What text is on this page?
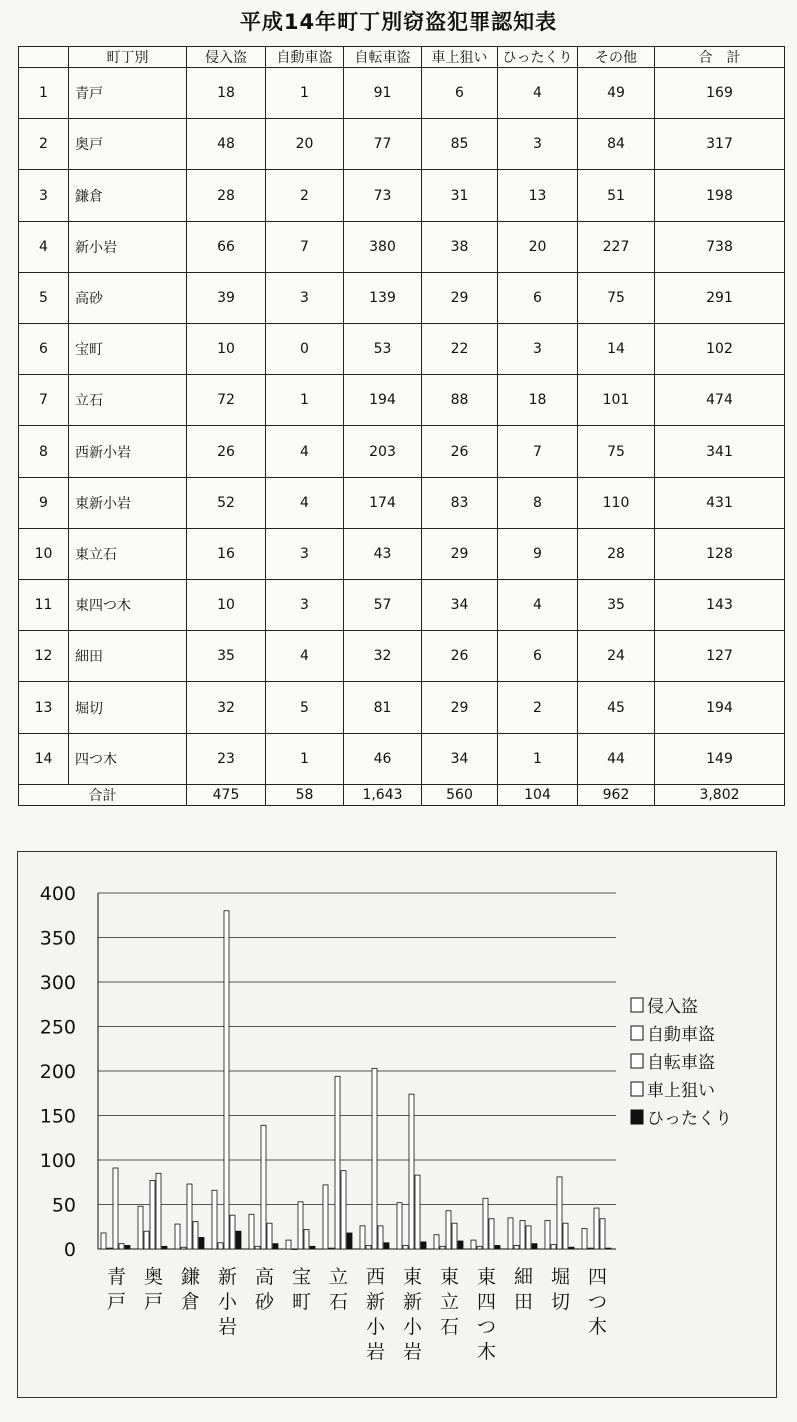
平成14年町丁別窃盗犯罪認知表
	町丁別	侵入盗	自動車盗	自転車盗	車上狙い	ひったくり	その他	合　計
1	青戸	18	1	91	6	4	49	169
2	奥戸	48	20	77	85	3	84	317
3	鎌倉	28	2	73	31	13	51	198
4	新小岩	66	7	380	38	20	227	738
5	高砂	39	3	139	29	6	75	291
6	宝町	10	0	53	22	3	14	102
7	立石	72	1	194	88	18	101	474
8	西新小岩	26	4	203	26	7	75	341
9	東新小岩	52	4	174	83	8	110	431
10	東立石	16	3	43	29	9	28	128
11	東四つ木	10	3	57	34	4	35	143
12	細田	35	4	32	26	6	24	127
13	堀切	32	5	81	29	2	45	194
14	四つ木	23	1	46	34	1	44	149
合計		475	58	1,643	560	104	962	3,802
0
50
100
150
200
250
300
350
400
青
戸
奥
戸
鎌
倉
新
小
岩
高
砂
宝
町
立
石
西
新
小
岩
東
新
小
岩
東
立
石
東
四
つ
木
細
田
堀
切
四
つ
木
侵入盗
自動車盗
自転車盗
車上狙い
ひったくり
